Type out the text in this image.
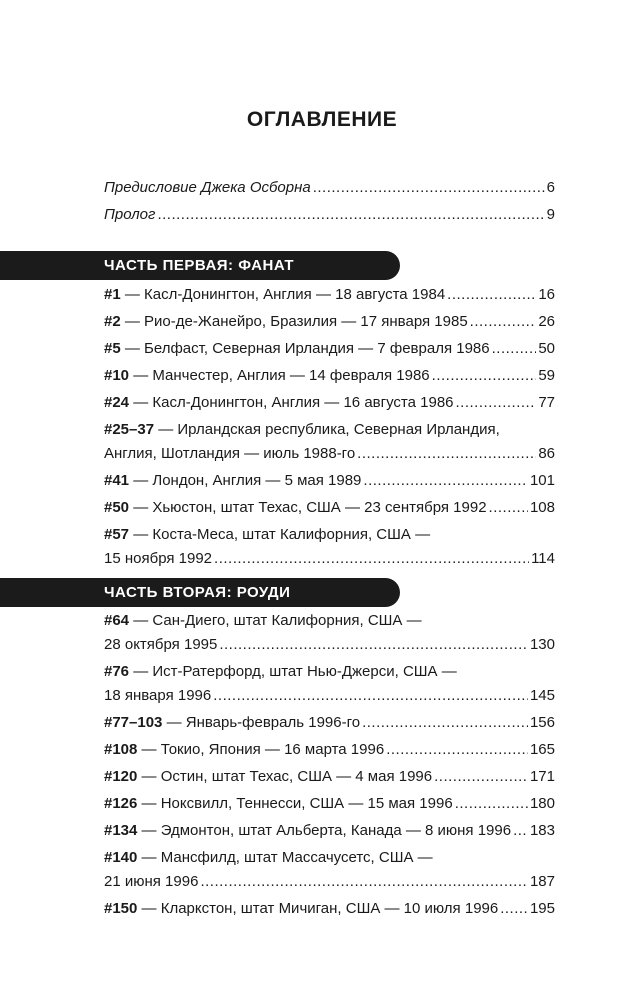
ОГЛАВЛЕНИЕ
Предисловие Джека Осборна .....	6
Пролог .....	9
ЧАСТЬ ПЕРВАЯ: ФАНАТ
#1 — Касл-Донингтон, Англия — 18 августа 1984 .....	16
#2 — Рио-де-Жанейро, Бразилия — 17 января 1985 .....	26
#5 — Белфаст, Северная Ирландия — 7 февраля 1986 .....	50
#10 — Манчестер, Англия — 14 февраля 1986 .....	59
#24 — Касл-Донингтон, Англия — 16 августа 1986 .....	77
#25–37 — Ирландская республика, Северная Ирландия,
Англия, Шотландия — июль 1988-го .....	86
#41 — Лондон, Англия — 5 мая 1989 .....	101
#50 — Хьюстон, штат Техас, США — 23 сентября 1992 .....	108
#57 — Коста-Меса, штат Калифорния, США —
15 ноября 1992 .....	114
ЧАСТЬ ВТОРАЯ: РОУДИ
#64 — Сан-Диего, штат Калифорния, США —
28 октября 1995 .....	130
#76 — Ист-Ратерфорд, штат Нью-Джерси, США —
18 января 1996 .....	145
#77–103 — Январь-февраль 1996-го .....	156
#108 — Токио, Япония — 16 марта 1996 .....	165
#120 — Остин, штат Техас, США — 4 мая 1996 .....	171
#126 — Ноксвилл, Теннесси, США — 15 мая 1996 .....	180
#134 — Эдмонтон, штат Альберта, Канада — 8 июня 1996 ..... 183
#140 — Мансфилд, штат Массачусетс, США —
21 июня 1996 .....	187
#150 — Кларкстон, штат Мичиган, США — 10 июля 1996 ..... 195
